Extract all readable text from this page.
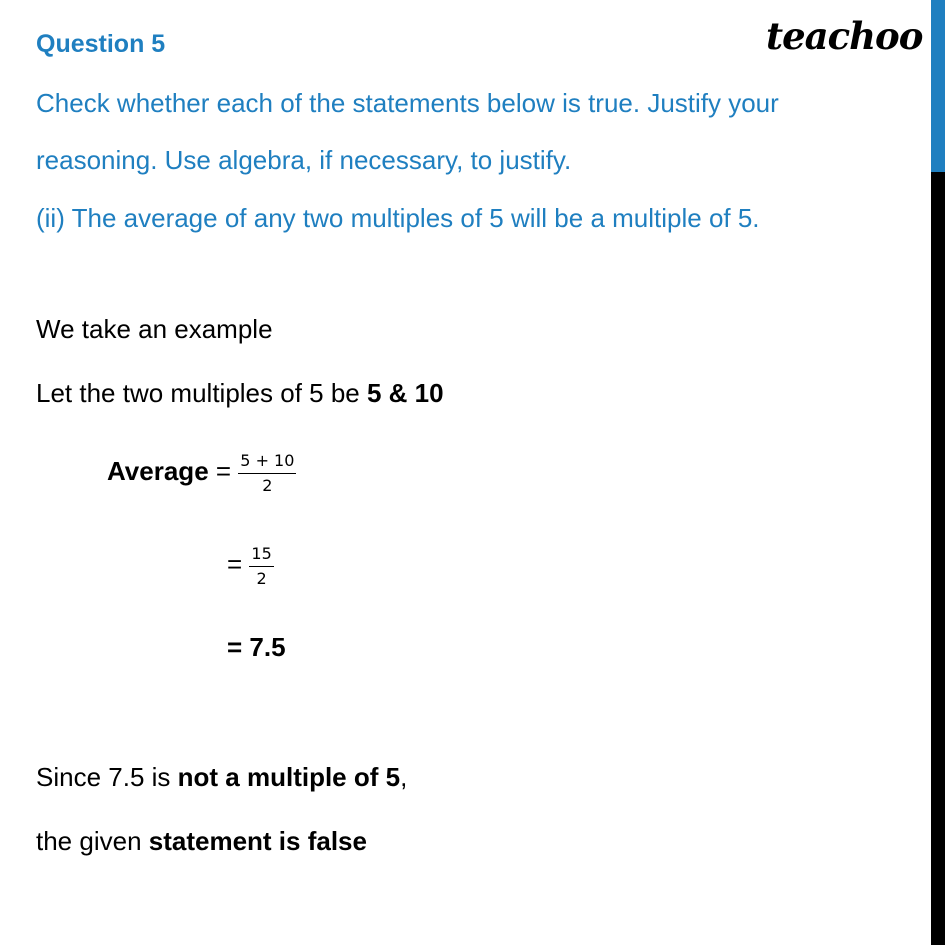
Question 5	teachoo
Check whether each of the statements below is true. Justify your
reasoning. Use algebra, if necessary, to justify.
(ii) The average of any two multiples of 5 will be a multiple of 5.
We take an example
Let the two multiples of 5 be 5 & 10
Average = $\frac{5 + 10}{2}$
= $\frac{15}{2}$
= 7.5
Since 7.5 is not a multiple of 5,
the given statement is false
